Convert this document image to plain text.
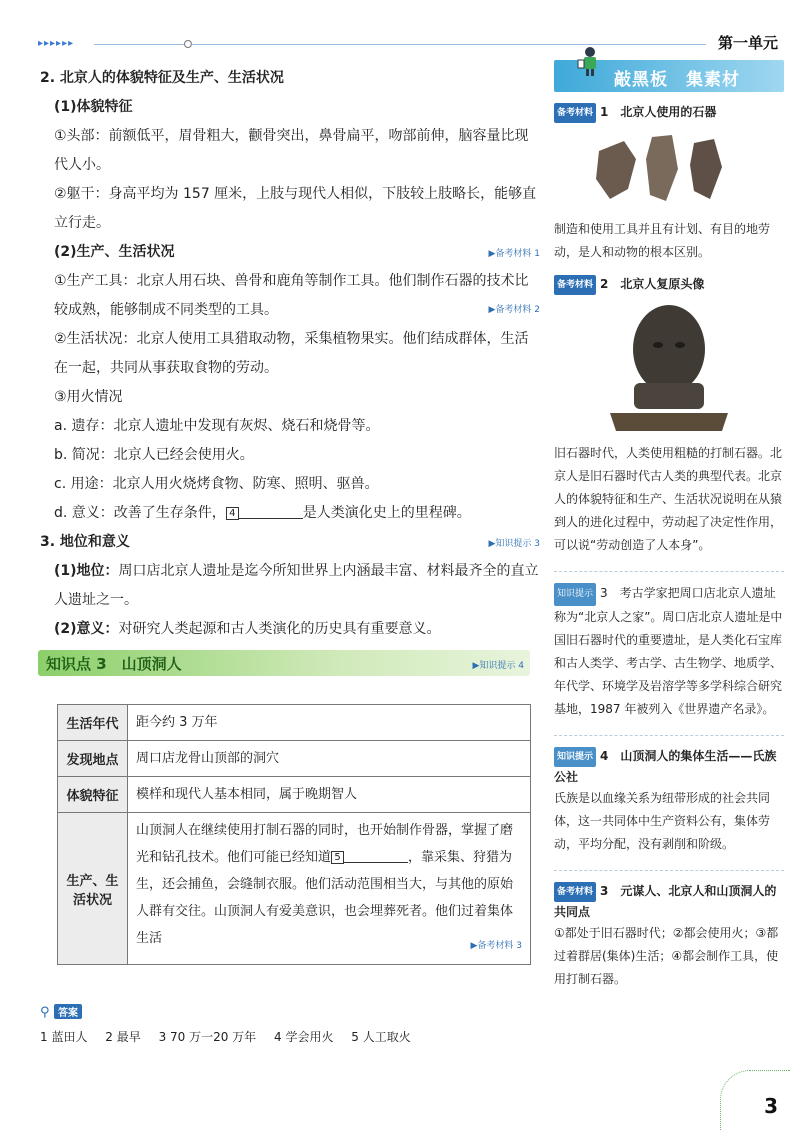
▸▸▸▸▸▸	第一单元

2. 北京人的体貌特征及生产、生活状况

(1)体貌特征

①头部：前额低平，眉骨粗大，颧骨突出，鼻骨扁平，吻部前伸，脑容量比现代人小。

②躯干：身高平均为 157 厘米，上肢与现代人相似，下肢较上肢略长，能够直立行走。

(2)生产、生活状况	▶备考材料 1

①生产工具：北京人用石块、兽骨和鹿角等制作工具。他们制作石器的技术比较成熟，能够制成不同类型的工具。	▶备考材料 2

②生活状况：北京人使用工具猎取动物，采集植物果实。他们结成群体，生活在一起，共同从事获取食物的劳动。

③用火情况

a. 遗存：北京人遗址中发现有灰烬、烧石和烧骨等。

b. 简况：北京人已经会使用火。

c. 用途：北京人用火烧烤食物、防寒、照明、驱兽。

d. 意义：改善了生存条件， 4	是人类演化史上的里程碑。

3. 地位和意义	▶知识提示 3

(1)地位：周口店北京人遗址是迄今所知世界上内涵最丰富、材料最齐全的直立人遗址之一。

(2)意义：对研究人类起源和古人类演化的历史具有重要意义。

知识点 3　山顶洞人	▶知识提示 4
生活年代	距今约 3 万年
发现地点	周口店龙骨山顶部的洞穴
体貌特征	模样和现代人基本相同，属于晚期智人
生产、生活状况	山顶洞人在继续使用打制石器的同时，也开始制作骨器，掌握了磨光和钻孔技术。他们可能已经知道 5 ，靠采集、狩猎为生，还会捕鱼，会缝制衣服。他们活动范围相当大，与其他的原始人群有交往。山顶洞人有爱美意识，也会埋葬死者。他们过着集体生活 ▶备考材料 3
⚲ 答案
1 蓝田人 2 最早 3 70 万一20 万年 4 学会用火 5 人工取火
敲黑板　集素材
备考材料 1　北京人使用的石器

制造和使用工具并且有计划、有目的地劳动，是人和动物的根本区别。

备考材料 2　北京人复原头像

旧石器时代，人类使用粗糙的打制石器。北京人是旧石器时代古人类的典型代表。北京人的体貌特征和生产、生活状况说明在从猿到人的进化过程中，劳动起了决定性作用，可以说“劳动创造了人本身”。

知识提示 3　考古学家把周口店北京人遗址称为“北京人之家”。周口店北京人遗址是中国旧石器时代的重要遗址，是人类化石宝库和古人类学、考古学、古生物学、地质学、年代学、环境学及岩溶学等多学科综合研究基地，1987 年被列入《世界遗产名录》。

知识提示 4　山顶洞人的集体生活——氏族公社

氏族是以血缘关系为纽带形成的社会共同体，这一共同体中生产资料公有，集体劳动，平均分配，没有剥削和阶级。

备考材料 3　元谋人、北京人和山顶洞人的共同点

①都处于旧石器时代；②都会使用火；③都过着群居(集体)生活；④都会制作工具，使用打制石器。

3
